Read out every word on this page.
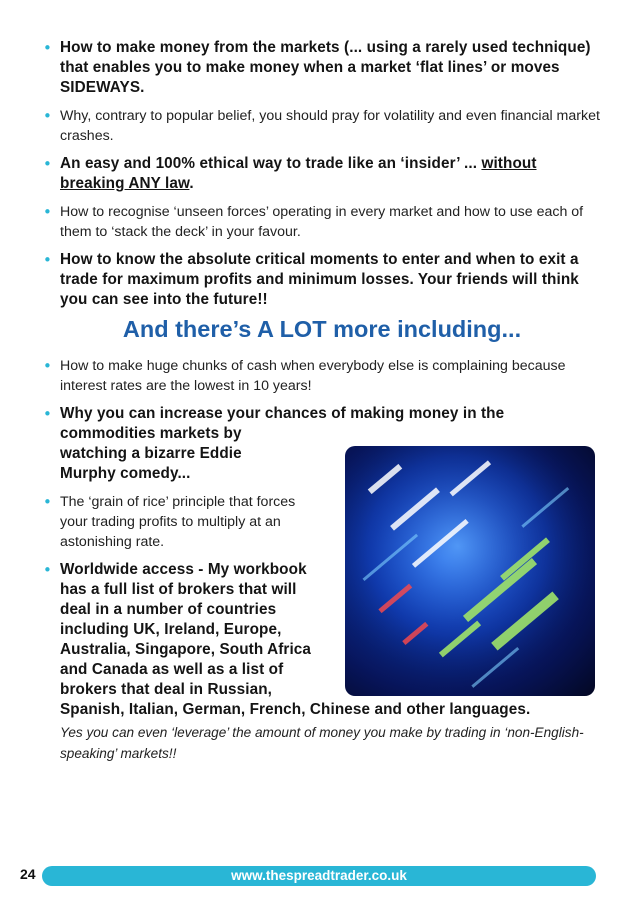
• How to make money from the markets (... using a rarely used technique) that enables you to make money when a market ‘flat lines’ or moves SIDEWAYS.
• Why, contrary to popular belief, you should pray for volatility and even financial market crashes.
• An easy and 100% ethical way to trade like an ‘insider’ ... without breaking ANY law.
• How to recognise ‘unseen forces’ operating in every market and how to use each of them to ‘stack the deck’ in your favour.
• How to know the absolute critical moments to enter and when to exit a trade for maximum profits and minimum losses. Your friends will think you can see into the future!!
And there’s A LOT more including...
• How to make huge chunks of cash when everybody else is complaining because interest rates are the lowest in 10 years!
• Why you can increase your chances of making money in the
commodities markets by watching a bizarre Eddie Murphy comedy...
• The ‘grain of rice’ principle that forces your trading profits to multiply at an astonishing rate.
• Worldwide access - My workbook has a full list of brokers that will deal in a number of countries including UK, Ireland, Europe, Australia, Singapore, South Africa and Canada as well as a list of brokers that deal in Russian,
Spanish, Italian, German, French, Chinese and other languages.
Yes you can even ‘leverage’ the amount of money you make by trading in ‘non-English-speaking’ markets!!
24	www.thespreadtrader.co.uk
